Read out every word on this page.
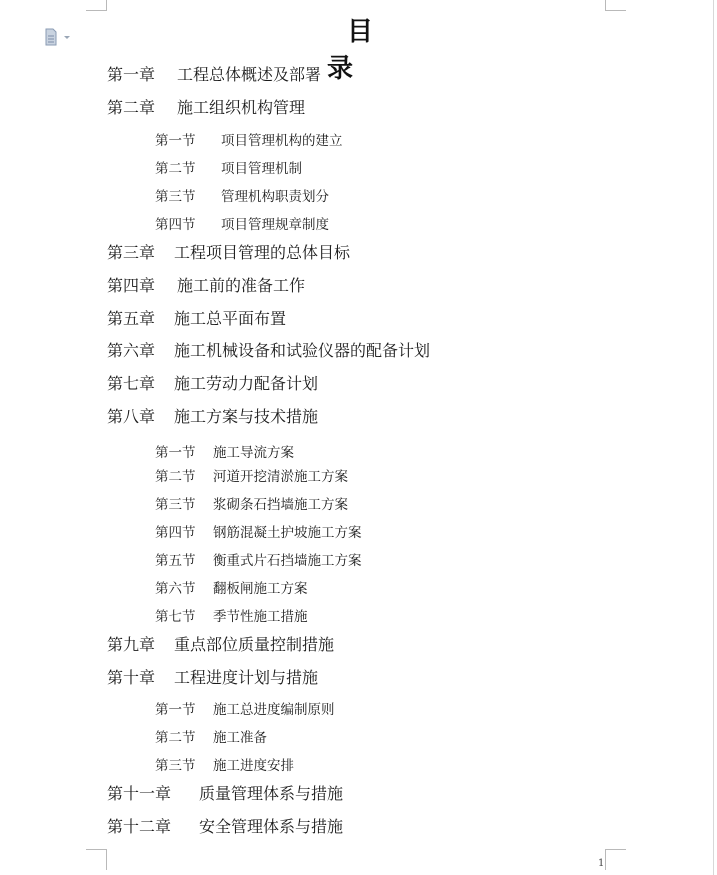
目　录
第一章 工程总体概述及部署
第二章 施工组织机构管理
第一节 项目管理机构的建立
第二节 项目管理机制
第三节 管理机构职责划分
第四节 项目管理规章制度
第三章 工程项目管理的总体目标
第四章 施工前的准备工作
第五章 施工总平面布置
第六章 施工机械设备和试验仪器的配备计划
第七章 施工劳动力配备计划
第八章 施工方案与技术措施
第一节 施工导流方案
第二节 河道开挖清淤施工方案
第三节 浆砌条石挡墙施工方案
第四节 钢筋混凝土护坡施工方案
第五节 衡重式片石挡墙施工方案
第六节 翻板闸施工方案
第七节 季节性施工措施
第九章 重点部位质量控制措施
第十章 工程进度计划与措施
第一节 施工总进度编制原则
第二节 施工准备
第三节 施工进度安排
第十一章 质量管理体系与措施
第十二章 安全管理体系与措施
1
